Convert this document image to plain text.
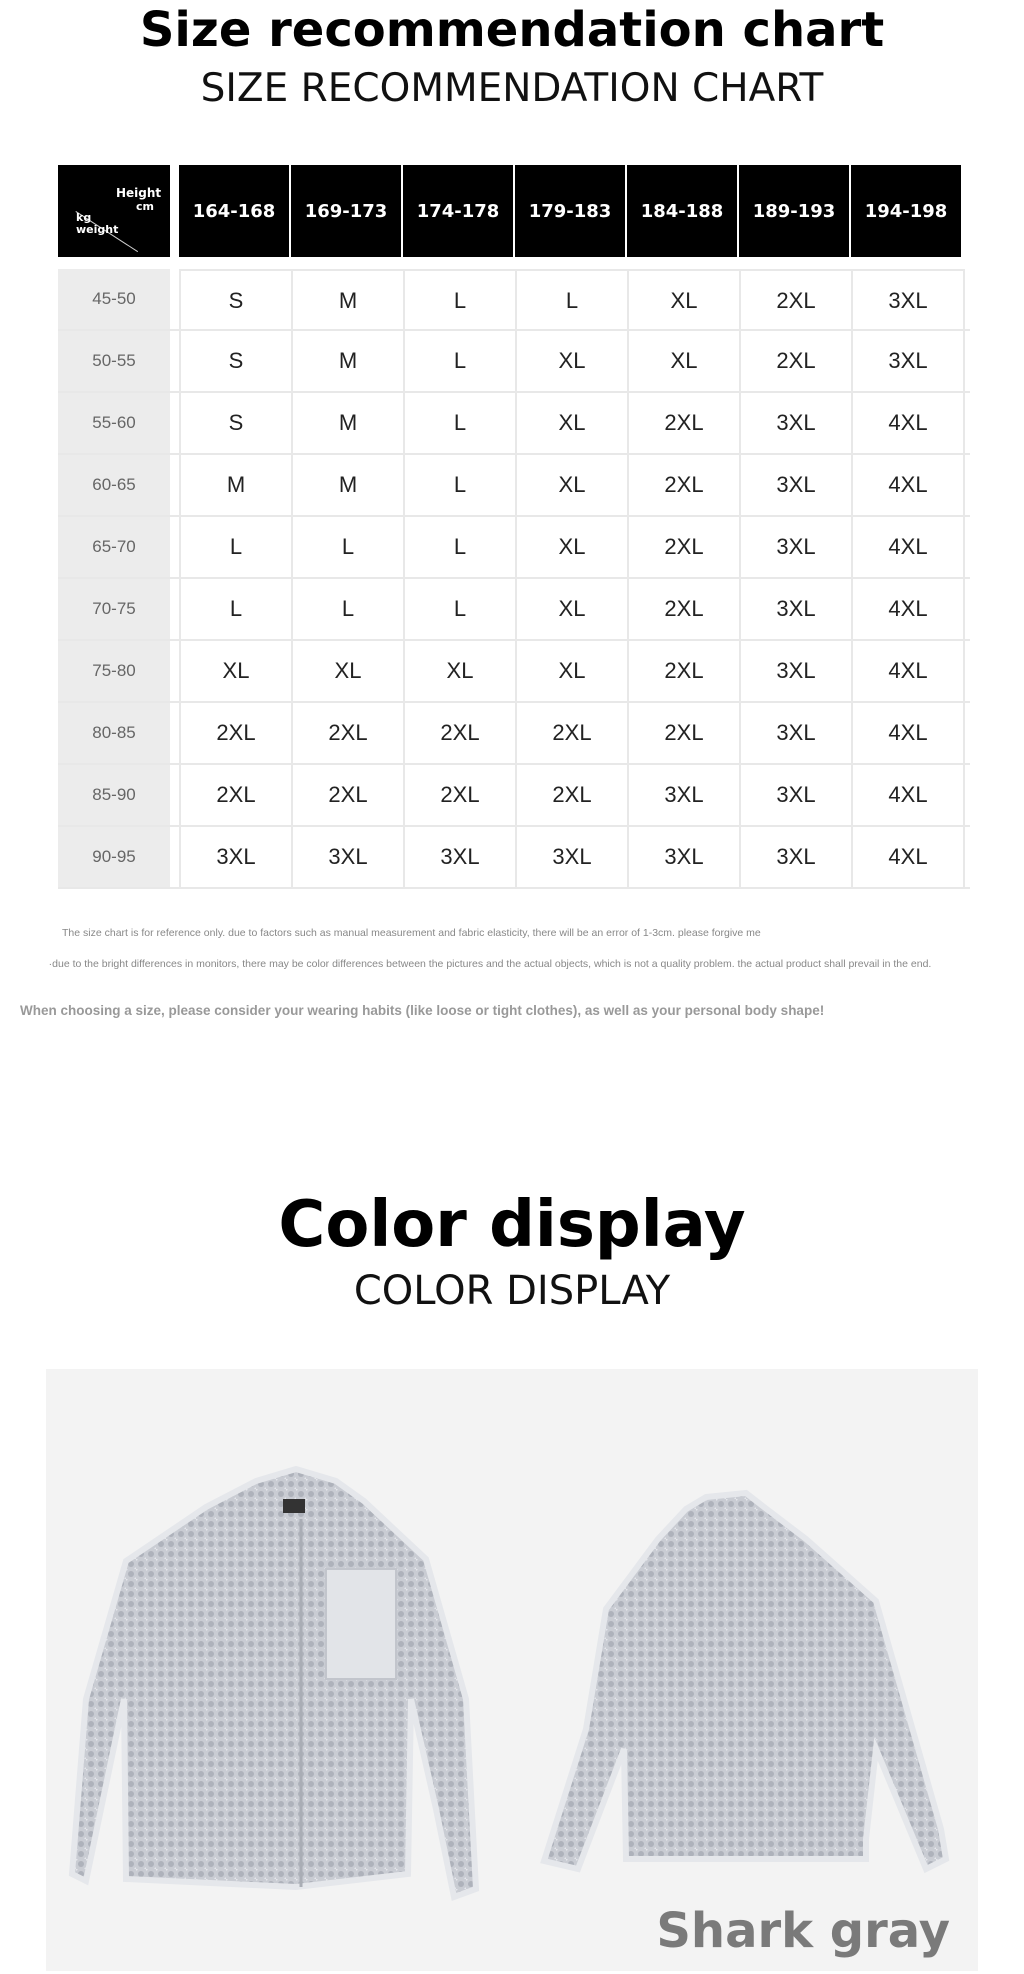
Size recommendation chart
SIZE RECOMMENDATION CHART
Height
cm
kg
weight
164-168	169-173	174-178	179-183	184-188	189-193	194-198
45-50	S	M	L	L	XL	2XL	3XL
50-55	S	M	L	XL	XL	2XL	3XL
55-60	S	M	L	XL	2XL	3XL	4XL
60-65	M	M	L	XL	2XL	3XL	4XL
65-70	L	L	L	XL	2XL	3XL	4XL
70-75	L	L	L	XL	2XL	3XL	4XL
75-80	XL	XL	XL	XL	2XL	3XL	4XL
80-85	2XL	2XL	2XL	2XL	2XL	3XL	4XL
85-90	2XL	2XL	2XL	2XL	3XL	3XL	4XL
90-95	3XL	3XL	3XL	3XL	3XL	3XL	4XL
The size chart is for reference only. due to factors such as manual measurement and fabric elasticity, there will be an error of 1-3cm. please forgive me
·due to the bright differences in monitors, there may be color differences between the pictures and the actual objects, which is not a quality problem. the actual product shall prevail in the end.
When choosing a size, please consider your wearing habits (like loose or tight clothes), as well as your personal body shape!
Color display
COLOR DISPLAY
Shark gray
